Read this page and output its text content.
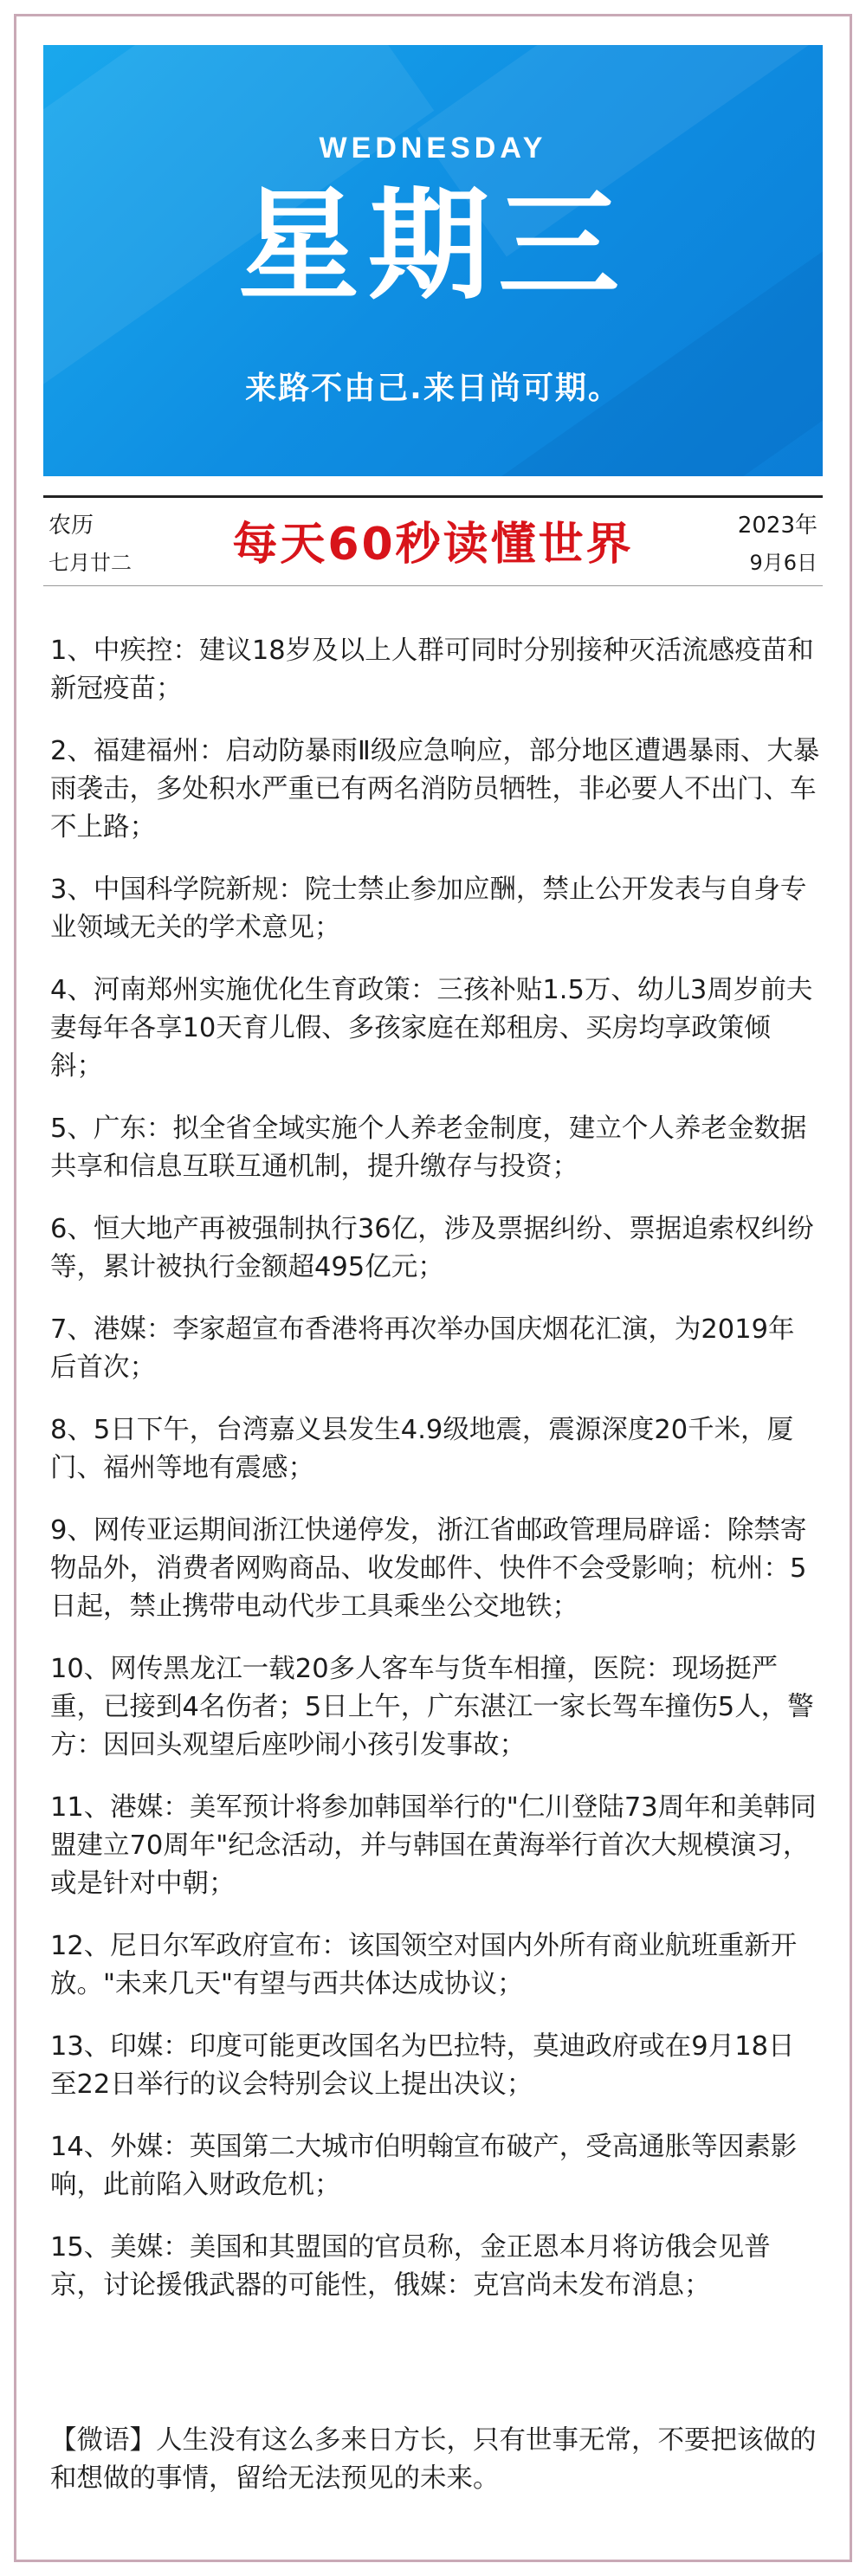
WEDNESDAY
星期三
来路不由己.来日尚可期。
农历
七月廿二	每天60秒读懂世界	2023年
9月6日
1、中疾控：建议18岁及以上人群可同时分别接种灭活流感疫苗和新冠疫苗；
2、福建福州：启动防暴雨Ⅱ级应急响应，部分地区遭遇暴雨、大暴雨袭击，多处积水严重已有两名消防员牺牲，非必要人不出门、车不上路；
3、中国科学院新规：院士禁止参加应酬，禁止公开发表与自身专业领域无关的学术意见；
4、河南郑州实施优化生育政策：三孩补贴1.5万、幼儿3周岁前夫妻每年各享10天育儿假、多孩家庭在郑租房、买房均享政策倾斜；
5、广东：拟全省全域实施个人养老金制度，建立个人养老金数据共享和信息互联互通机制，提升缴存与投资；
6、恒大地产再被强制执行36亿，涉及票据纠纷、票据追索权纠纷等，累计被执行金额超495亿元；
7、港媒：李家超宣布香港将再次举办国庆烟花汇演，为2019年后首次；
8、5日下午，台湾嘉义县发生4.9级地震，震源深度20千米，厦门、福州等地有震感；
9、网传亚运期间浙江快递停发，浙江省邮政管理局辟谣：除禁寄物品外，消费者网购商品、收发邮件、快件不会受影响；杭州：5日起，禁止携带电动代步工具乘坐公交地铁；
10、网传黑龙江一载20多人客车与货车相撞，医院：现场挺严重，已接到4名伤者；5日上午，广东湛江一家长驾车撞伤5人，警方：因回头观望后座吵闹小孩引发事故；
11、港媒：美军预计将参加韩国举行的"仁川登陆73周年和美韩同盟建立70周年"纪念活动，并与韩国在黄海举行首次大规模演习，或是针对中朝；
12、尼日尔军政府宣布：该国领空对国内外所有商业航班重新开放。"未来几天"有望与西共体达成协议；
13、印媒：印度可能更改国名为巴拉特，莫迪政府或在9月18日至22日举行的议会特别会议上提出决议；
14、外媒：英国第二大城市伯明翰宣布破产，受高通胀等因素影响，此前陷入财政危机；
15、美媒：美国和其盟国的官员称，金正恩本月将访俄会见普京，讨论援俄武器的可能性，俄媒：克宫尚未发布消息；
【微语】人生没有这么多来日方长，只有世事无常，不要把该做的和想做的事情，留给无法预见的未来。
